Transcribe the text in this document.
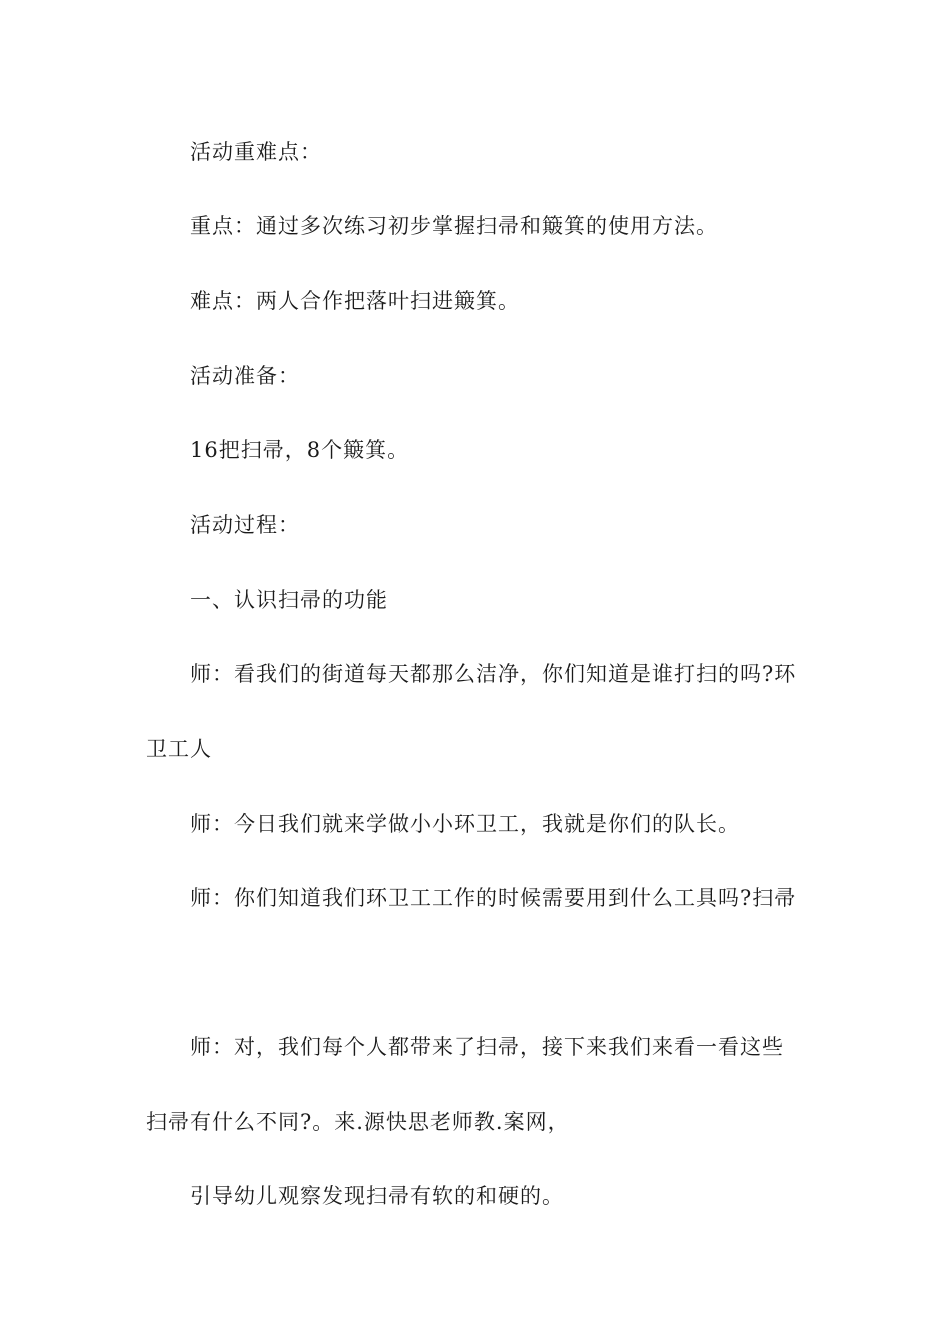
活动重难点：
重点：通过多次练习初步掌握扫帚和簸箕的使用方法。
难点：两人合作把落叶扫进簸箕。
活动准备：
16把扫帚，8个簸箕。
活动过程：
一、认识扫帚的功能
师：看我们的街道每天都那么洁净，你们知道是谁打扫的吗?环
卫工人
师：今日我们就来学做小小环卫工，我就是你们的队长。
师：你们知道我们环卫工工作的时候需要用到什么工具吗?扫帚
师：对，我们每个人都带来了扫帚，接下来我们来看一看这些
扫帚有什么不同?。来.源快思老师教.案网，
引导幼儿观察发现扫帚有软的和硬的。
